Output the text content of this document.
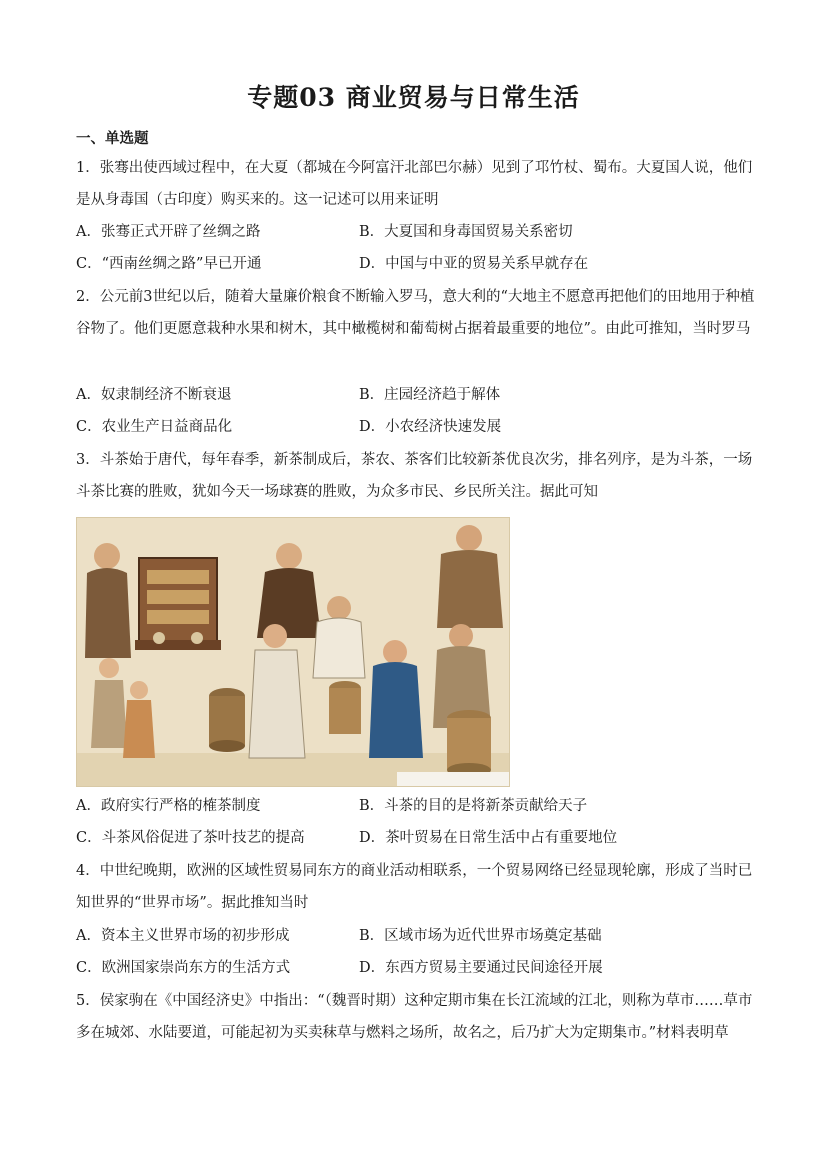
专题03 商业贸易与日常生活
一、单选题

1．张骞出使西域过程中，在大夏（都城在今阿富汗北部巴尔赫）见到了邛竹杖、蜀布。大夏国人说，他们是从身毒国（古印度）购买来的。这一记述可以用来证明

A．张骞正式开辟了丝绸之路	B．大夏国和身毒国贸易关系密切
C．“西南丝绸之路”早已开通	D．中国与中亚的贸易关系早就存在

2．公元前3世纪以后，随着大量廉价粮食不断输入罗马，意大利的“大地主不愿意再把他们的田地用于种植谷物了。他们更愿意栽种水果和树木，其中橄榄树和葡萄树占据着最重要的地位”。由此可推知，当时罗马

A．奴隶制经济不断衰退	B．庄园经济趋于解体
C．农业生产日益商品化	D．小农经济快速发展

3．斗茶始于唐代，每年春季，新茶制成后，茶农、茶客们比较新茶优良次劣，排名列序，是为斗茶，一场斗茶比赛的胜败，犹如今天一场球赛的胜败，为众多市民、乡民所关注。据此可知

A．政府实行严格的榷茶制度	B．斗茶的目的是将新茶贡献给天子
C．斗茶风俗促进了茶叶技艺的提高	D．茶叶贸易在日常生活中占有重要地位

4．中世纪晚期，欧洲的区域性贸易同东方的商业活动相联系，一个贸易网络已经显现轮廓，形成了当时已知世界的“世界市场”。据此推知当时

A．资本主义世界市场的初步形成	B．区域市场为近代世界市场奠定基础
C．欧洲国家崇尚东方的生活方式	D．东西方贸易主要通过民间途径开展

5．侯家驹在《中国经济史》中指出：“（魏晋时期）这种定期市集在长江流域的江北，则称为草市……草市多在城郊、水陆要道，可能起初为买卖秣草与燃料之场所，故名之，后乃扩大为定期集市。”材料表明草
